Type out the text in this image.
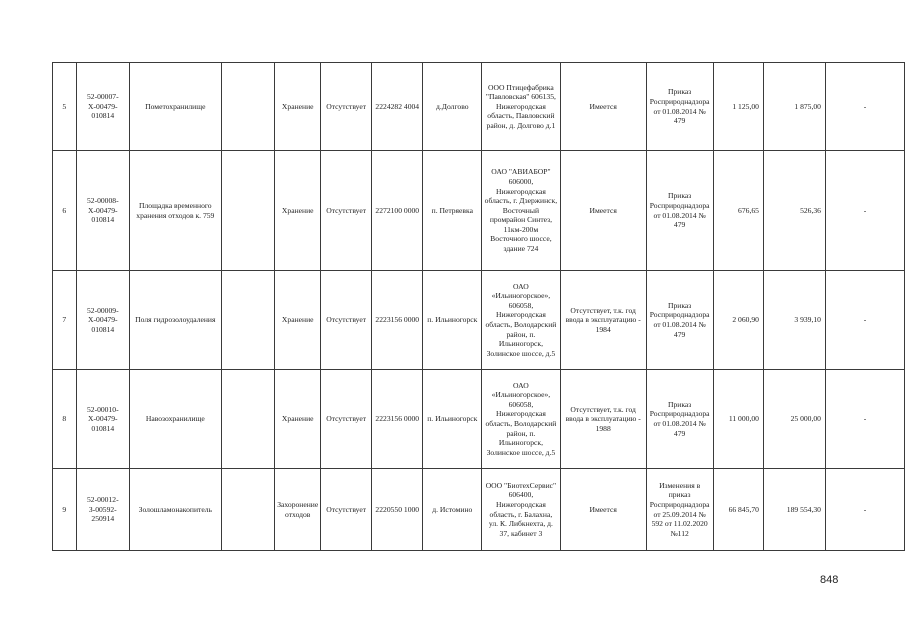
5	52-00007-Х-00479-010814	Пометохранилище		Хранение	Отсутствует	2224282 4004	д.Долгово	ООО Птицефабрика "Павловская" 606135, Нижегородская область, Павловский район, д. Долгово д.1	Имеется	Приказ Росприроднадзора от 01.08.2014 № 479	1 125,00	1 875,00	-
6	52-00008-Х-00479-010814	Площадка временного хранения отходов к. 759		Хранение	Отсутствует	2272100 0000	п. Петряевка	ОАО "АВИАБОР" 606000, Нижегородская область, г. Дзержинск, Восточный промрайон Синтез, 11км-200м Восточного шоссе, здание 724	Имеется	Приказ Росприроднадзора от 01.08.2014 № 479	676,65	526,36	-
7	52-00009-Х-00479-010814	Поля гидрозолоудаления		Хранение	Отсутствует	2223156 0000	п. Ильиногорск	ОАО «Ильиногорское», 606058, Нижегородская область, Володарский район, п. Ильиногорск, Золинское шоссе, д.5	Отсутствует, т.к. год ввода в эксплуатацию - 1984	Приказ Росприроднадзора от 01.08.2014 № 479	2 060,90	3 939,10	-
8	52-00010-Х-00479-010814	Навозохранилище		Хранение	Отсутствует	2223156 0000	п. Ильиногорск	ОАО «Ильиногорское», 606058, Нижегородская область, Володарский район, п. Ильиногорск, Золинское шоссе, д.5	Отсутствует, т.к. год ввода в эксплуатацию - 1988	Приказ Росприроднадзора от 01.08.2014 № 479	11 000,00	25 000,00	-
9	52-00012-З-00592-250914	Золошламонакопитель		Захоронение отходов	Отсутствует	2220550 1000	д. Истомино	ООО "БиотехСервис" 606400, Нижегородская область, г. Балахна, ул. К. Либкнехта, д. 37, кабинет 3	Имеется	Изменения в приказ Росприроднадзора от 25.09.2014 № 592 от 11.02.2020 №112	66 845,70	189 554,30	-
848
